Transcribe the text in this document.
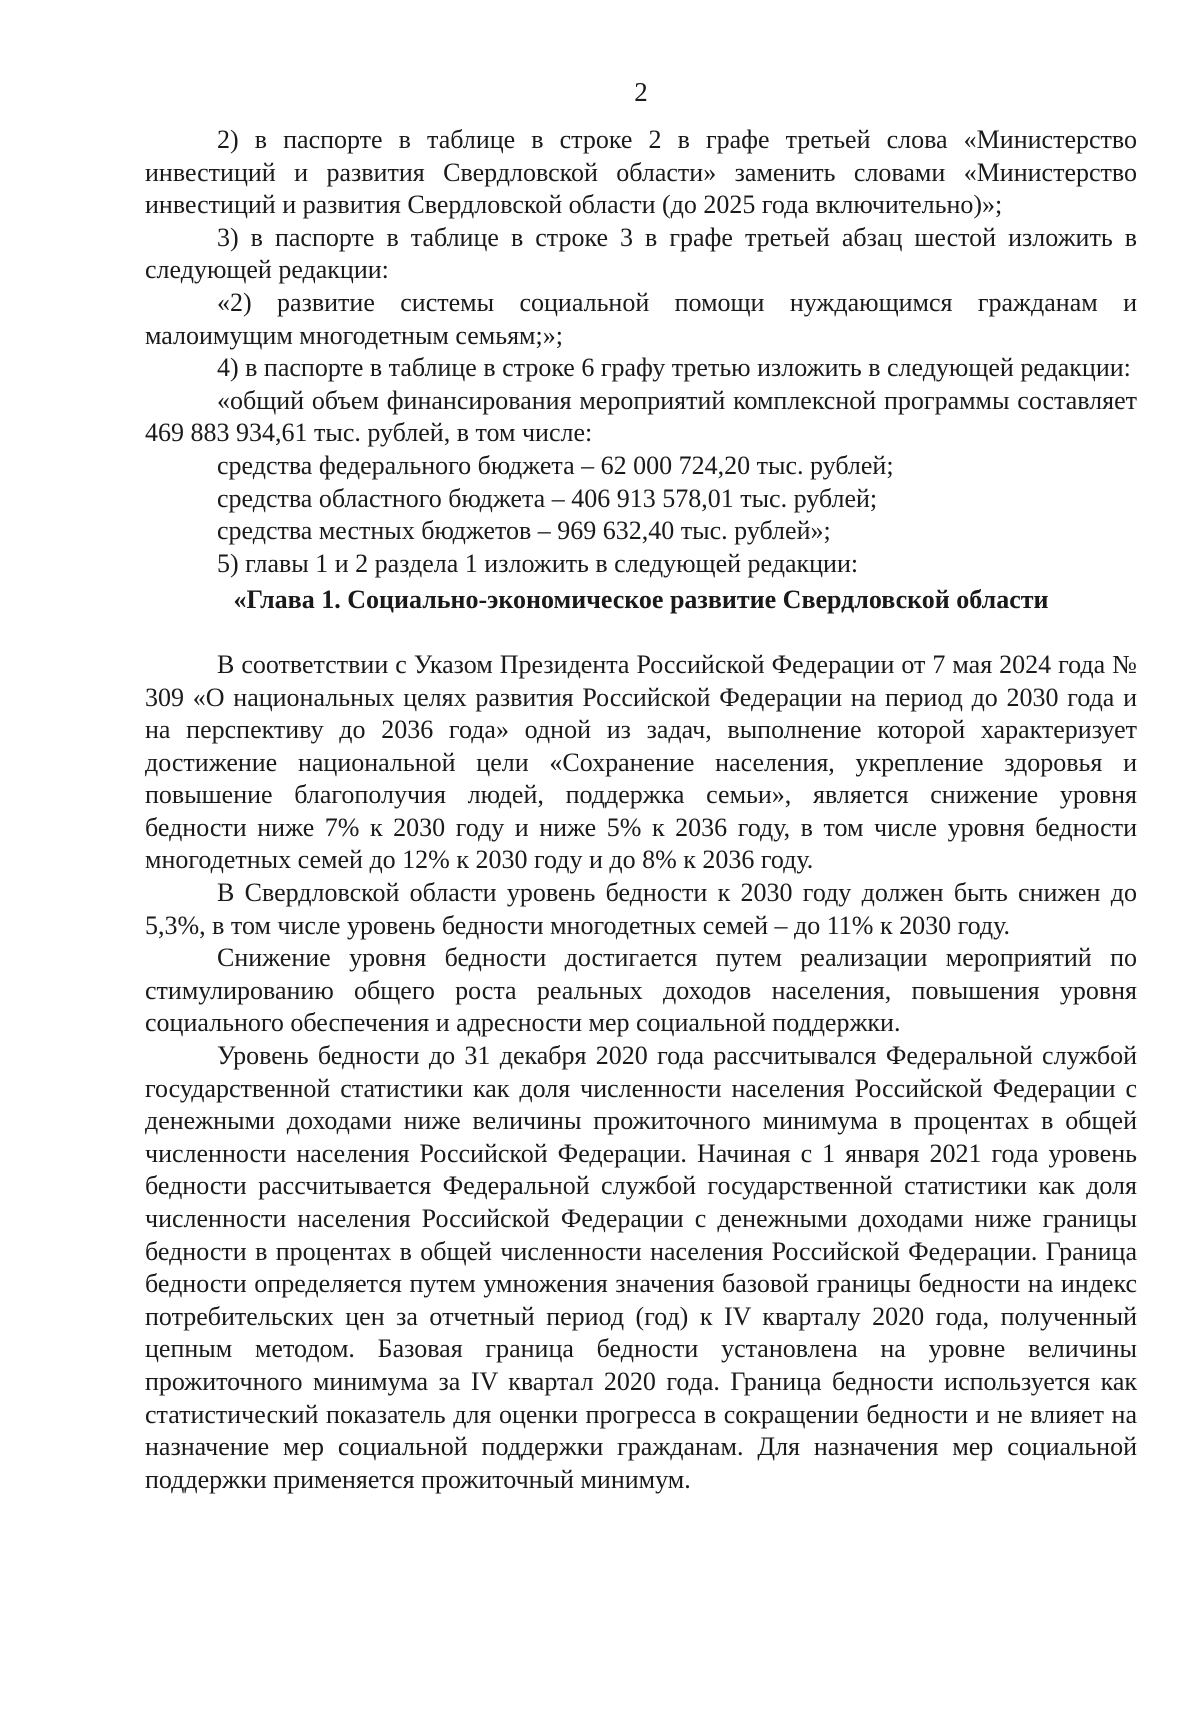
2

2) в паспорте в таблице в строке 2 в графе третьей слова «Министерство инвестиций и развития Свердловской области» заменить словами «Министерство инвестиций и развития Свердловской области (до 2025 года включительно)»;

3) в паспорте в таблице в строке 3 в графе третьей абзац шестой изложить в следующей редакции:

«2) развитие системы социальной помощи нуждающимся гражданам и малоимущим многодетным семьям;»;

4) в паспорте в таблице в строке 6 графу третью изложить в следующей редакции:

«общий объем финансирования мероприятий комплексной программы составляет 469 883 934,61 тыс. рублей, в том числе:

средства федерального бюджета – 62 000 724,20 тыс. рублей;

средства областного бюджета – 406 913 578,01 тыс. рублей;

средства местных бюджетов – 969 632,40 тыс. рублей»;

5) главы 1 и 2 раздела 1 изложить в следующей редакции:

«Глава 1. Социально-экономическое развитие Свердловской области

В соответствии с Указом Президента Российской Федерации от 7 мая 2024 года № 309 «О национальных целях развития Российской Федерации на период до 2030 года и на перспективу до 2036 года» одной из задач, выполнение которой характеризует достижение национальной цели «Сохранение населения, укрепление здоровья и повышение благополучия людей, поддержка семьи», является снижение уровня бедности ниже 7% к 2030 году и ниже 5% к 2036 году, в том числе уровня бедности многодетных семей до 12% к 2030 году и до 8% к 2036 году.

В Свердловской области уровень бедности к 2030 году должен быть снижен до 5,3%, в том числе уровень бедности многодетных семей – до 11% к 2030 году.

Снижение уровня бедности достигается путем реализации мероприятий по стимулированию общего роста реальных доходов населения, повышения уровня социального обеспечения и адресности мер социальной поддержки.

Уровень бедности до 31 декабря 2020 года рассчитывался Федеральной службой государственной статистики как доля численности населения Российской Федерации с денежными доходами ниже величины прожиточного минимума в процентах в общей численности населения Российской Федерации. Начиная с 1 января 2021 года уровень бедности рассчитывается Федеральной службой государственной статистики как доля численности населения Российской Федерации с денежными доходами ниже границы бедности в процентах в общей численности населения Российской Федерации. Граница бедности определяется путем умножения значения базовой границы бедности на индекс потребительских цен за отчетный период (год) к IV кварталу 2020 года, полученный цепным методом. Базовая граница бедности установлена на уровне величины прожиточного минимума за IV квартал 2020 года. Граница бедности используется как статистический показатель для оценки прогресса в сокращении бедности и не влияет на назначение мер социальной поддержки гражданам. Для назначения мер социальной поддержки применяется прожиточный минимум.
